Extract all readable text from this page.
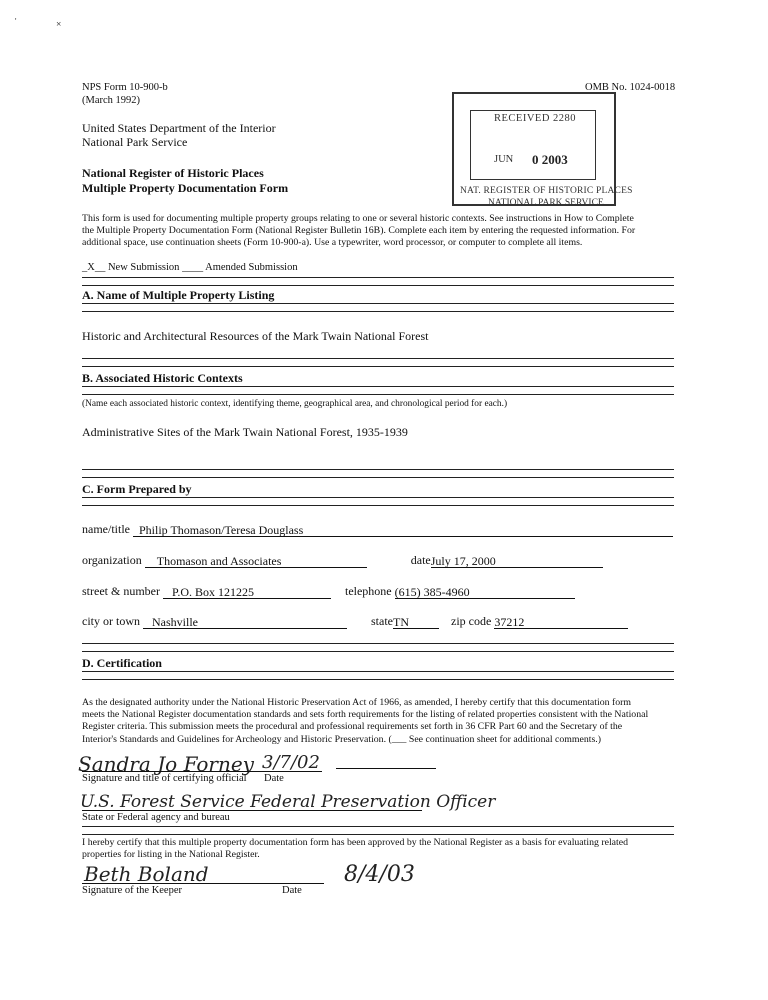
·	×
NPS Form 10-900-b
(March 1992)
OMB No. 1024-0018
United States Department of the Interior
National Park Service
National Register of Historic Places
Multiple Property Documentation Form
RECEIVED 2280
JUN 0 2003
NAT. REGISTER OF HISTORIC PLACES
NATIONAL PARK SERVICE
This form is used for documenting multiple property groups relating to one or several historic contexts. See instructions in How to Complete
the Multiple Property Documentation Form (National Register Bulletin 16B). Complete each item by entering the requested information. For
additional space, use continuation sheets (Form 10-900-a). Use a typewriter, word processor, or computer to complete all items.
_X__ New Submission ____ Amended Submission
A. Name of Multiple Property Listing
Historic and Architectural Resources of the Mark Twain National Forest
B. Associated Historic Contexts
(Name each associated historic context, identifying theme, geographical area, and chronological period for each.)
Administrative Sites of the Mark Twain National Forest, 1935-1939
C. Form Prepared by
name/title Philip Thomason/Teresa Douglass
organization Thomason and Associates	dateJuly 17, 2000
street & number P.O. Box 121225	telephone (615) 385-4960
city or town Nashville	stateTN	zip code 37212
D. Certification
As the designated authority under the National Historic Preservation Act of 1966, as amended, I hereby certify that this documentation form
meets the National Register documentation standards and sets forth requirements for the listing of related properties consistent with the National
Register criteria. This submission meets the procedural and professional requirements set forth in 36 CFR Part 60 and the Secretary of the
Interior's Standards and Guidelines for Archeology and Historic Preservation. (___ See continuation sheet for additional comments.)
Sandra Jo Forney 3/7/02
Signature and title of certifying official Date
U.S. Forest Service Federal Preservation Officer
State or Federal agency and bureau
I hereby certify that this multiple property documentation form has been approved by the National Register as a basis for evaluating related
properties for listing in the National Register.
Beth Boland	8/4/03
Signature of the Keeper	Date
